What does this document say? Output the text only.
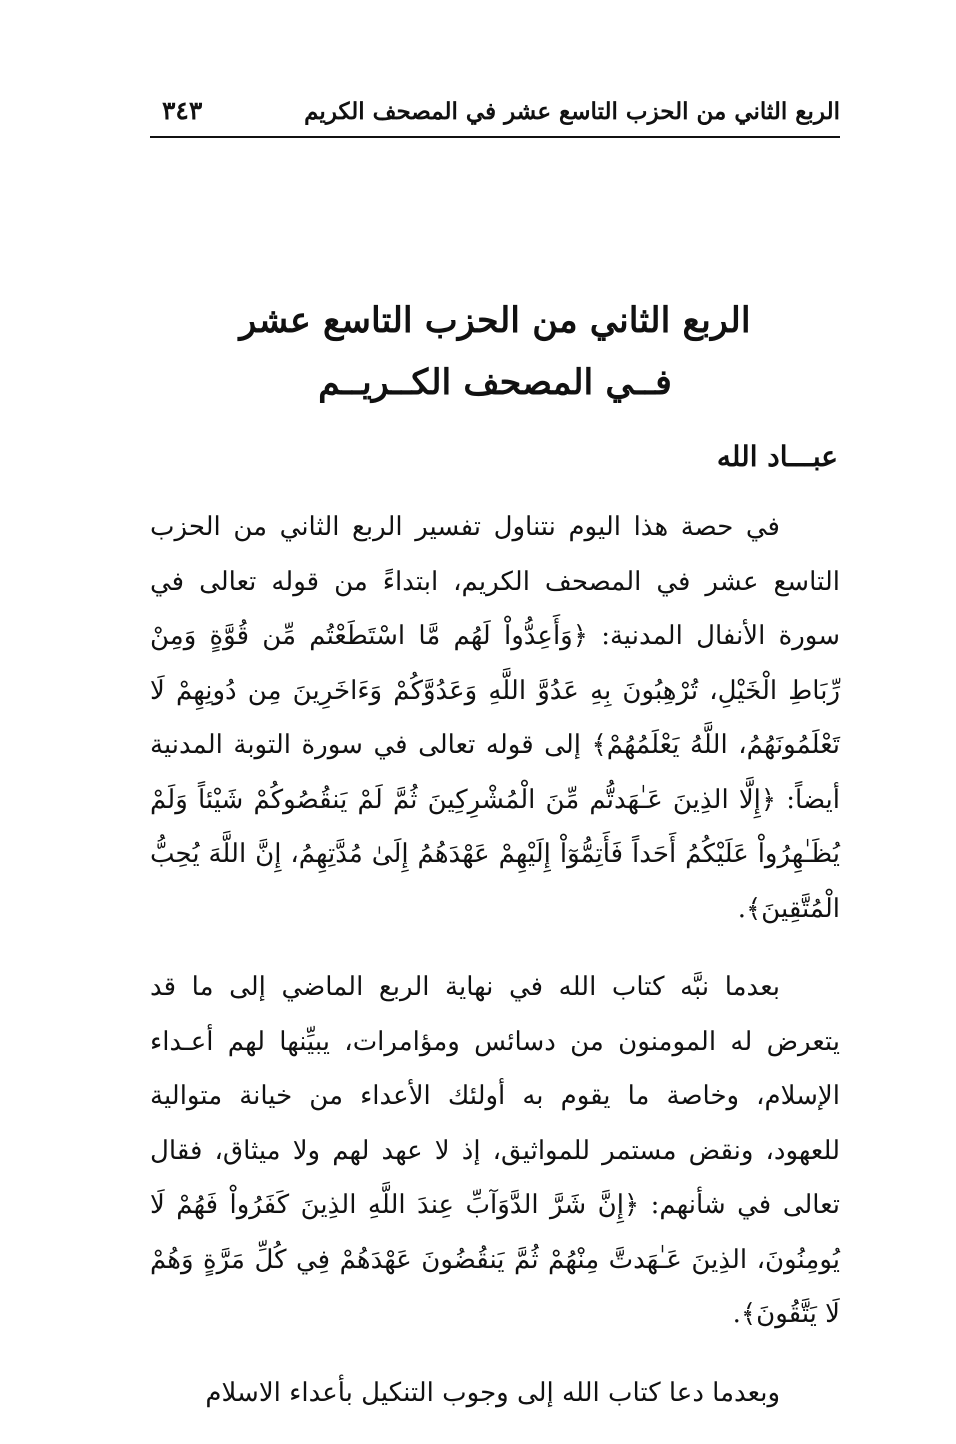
الربع الثاني من الحزب التاسع عشر في المصحف الكريم
٣٤٣
الربع الثاني من الحزب التاسع عشر
فــي المصحف الكــريــم
عبـــاد الله

في حصة هذا اليوم نتناول تفسير الربع الثاني من الحزب التاسع عشر في المصحف الكريم، ابتداءً من قوله تعالى في سورة الأنفال المدنية: ﴿وَأَعِدُّواْ لَهُم مَّا اسْتَطَعْتُم مِّن قُوَّةٍ وَمِنْ رِّبَاطِ الْخَيْلِ، تُرْهِبُونَ بِهِ عَدُوَّ اللَّهِ وَعَدُوَّكُمْ وَءَاخَرِينَ مِن دُونِهِمْ لَا تَعْلَمُونَهُمُ، اللَّهُ يَعْلَمُهُمْ﴾ إلى قوله تعالى في سورة التوبة المدنية أيضاً: ﴿إِلَّا الذِينَ عَـٰهَدتُّم مِّنَ الْمُشْرِكِينَ ثُمَّ لَمْ يَنقُصُوكُمْ شَيْئاً وَلَمْ يُظَـٰهِرُواْ عَلَيْكُمُ أَحَداً فَأَتِمُّوٓاْ إِلَيْهِمْ عَهْدَهُمُ إِلَىٰ مُدَّتِهِمُ، إِنَّ اللَّهَ يُحِبُّ الْمُتَّقِينَ﴾.

بعدما نبَّه كتاب الله في نهاية الربع الماضي إلى ما قد يتعرض له المومنون من دسائس ومؤامرات، يبيِّنها لهم أعـداء الإسلام، وخاصة ما يقوم به أولئك الأعداء من خيانة متوالية للعهود، ونقض مستمر للمواثيق، إذ لا عهد لهم ولا ميثاق، فقال تعالى في شأنهم: ﴿إِنَّ شَرَّ الدَّوَآبِّ عِندَ اللَّهِ الذِينَ كَفَرُواْ فَهُمْ لَا يُومِنُونَ، الذِينَ عَـٰهَدتَّ مِنْهُمْ ثُمَّ يَنقُضُونَ عَهْدَهُمْ فِي كُلِّ مَرَّةٍ وَهُمْ لَا يَتَّقُونَ﴾.

وبعدما دعا كتاب الله إلى وجوب التنكيل بأعداء الاسلام
